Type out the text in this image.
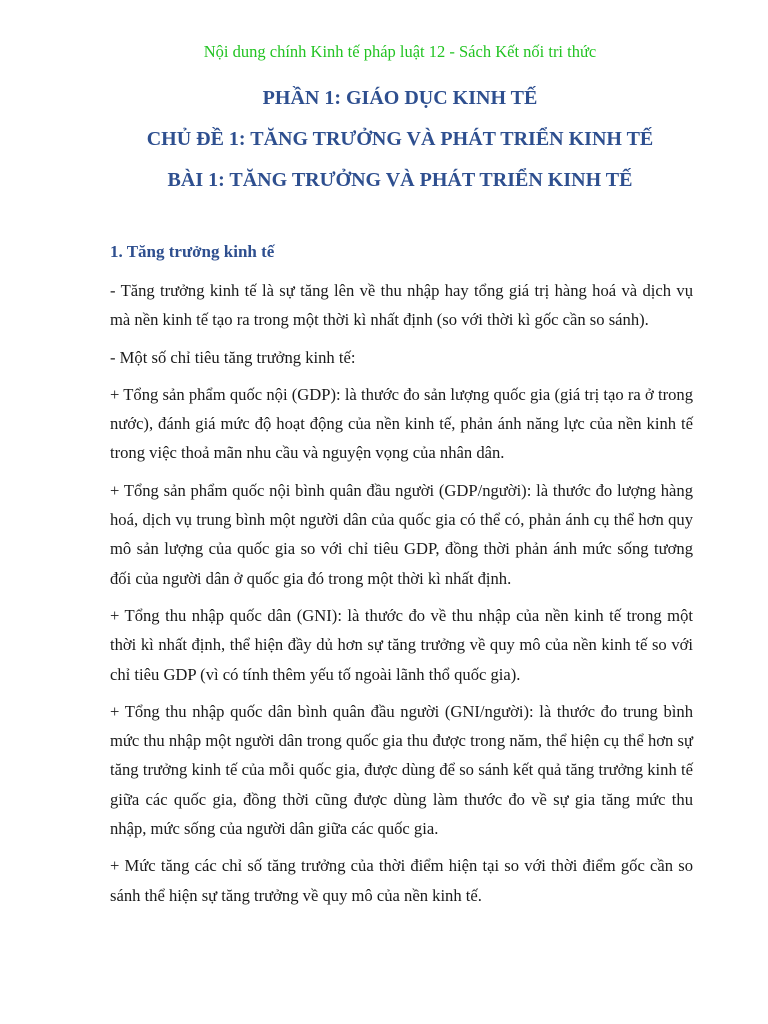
Nội dung chính Kinh tế pháp luật 12 - Sách Kết nối tri thức
PHẦN 1: GIÁO DỤC KINH TẾ
CHỦ ĐỀ 1: TĂNG TRƯỞNG VÀ PHÁT TRIỂN KINH TẾ
BÀI 1: TĂNG TRƯỞNG VÀ PHÁT TRIỂN KINH TẾ
1. Tăng trưởng kinh tế

- Tăng trưởng kinh tế là sự tăng lên về thu nhập hay tổng giá trị hàng hoá và dịch vụ mà nền kinh tế tạo ra trong một thời kì nhất định (so với thời kì gốc cần so sánh).

- Một số chỉ tiêu tăng trưởng kinh tế:

+ Tổng sản phẩm quốc nội (GDP): là thước đo sản lượng quốc gia (giá trị tạo ra ở trong nước), đánh giá mức độ hoạt động của nền kinh tế, phản ánh năng lực của nền kinh tế trong việc thoả mãn nhu cầu và nguyện vọng của nhân dân.

+ Tổng sản phẩm quốc nội bình quân đầu người (GDP/người): là thước đo lượng hàng hoá, dịch vụ trung bình một người dân của quốc gia có thể có, phản ánh cụ thể hơn quy mô sản lượng của quốc gia so với chỉ tiêu GDP, đồng thời phản ánh mức sống tương đối của người dân ở quốc gia đó trong một thời kì nhất định.

+ Tổng thu nhập quốc dân (GNI): là thước đo về thu nhập của nền kinh tế trong một thời kì nhất định, thể hiện đầy dủ hơn sự tăng trưởng về quy mô của nền kinh tế so với chỉ tiêu GDP (vì có tính thêm yếu tố ngoài lãnh thổ quốc gia).

+ Tổng thu nhập quốc dân bình quân đầu người (GNI/người): là thước đo trung bình mức thu nhập một người dân trong quốc gia thu được trong năm, thể hiện cụ thể hơn sự tăng trưởng kinh tế của mỗi quốc gia, được dùng để so sánh kết quả tăng trưởng kinh tế giữa các quốc gia, đồng thời cũng được dùng làm thước đo về sự gia tăng mức thu nhập, mức sống của người dân giữa các quốc gia.

+ Mức tăng các chỉ số tăng trưởng của thời điểm hiện tại so với thời điểm gốc cần so sánh thể hiện sự tăng trưởng về quy mô của nền kinh tế.
